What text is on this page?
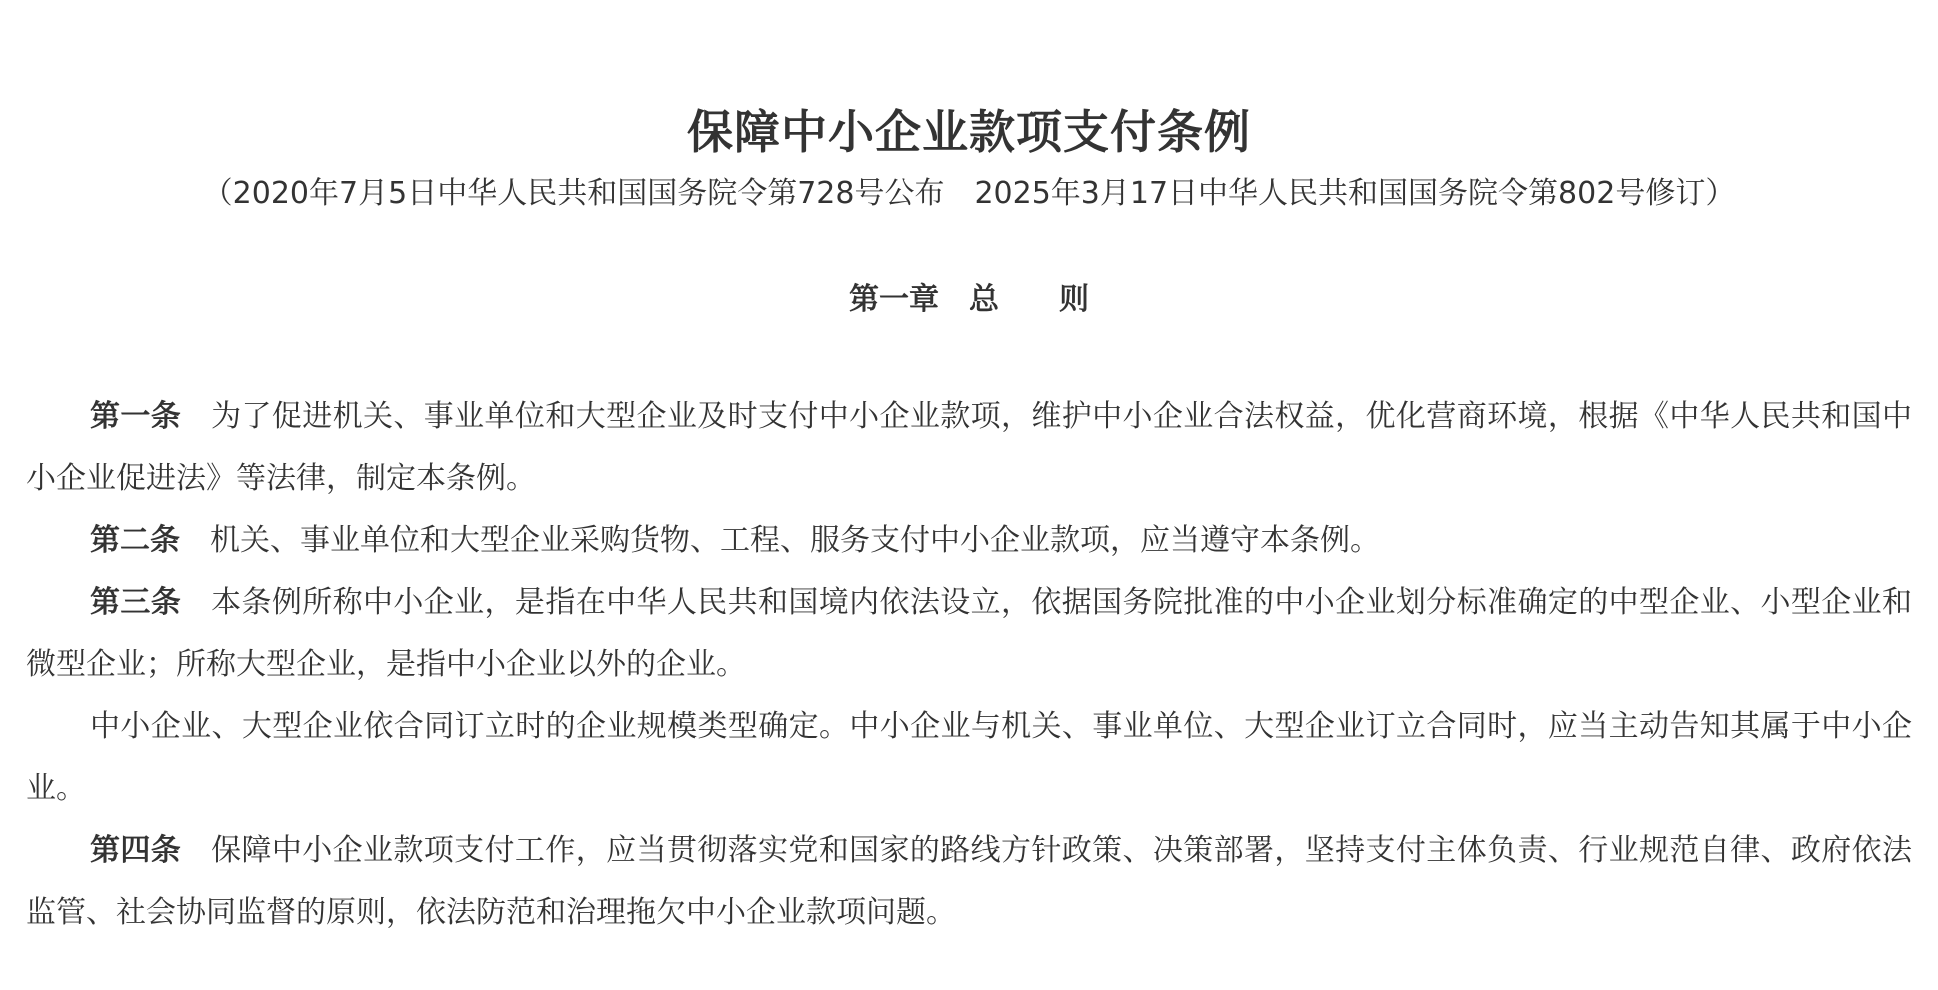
保障中小企业款项支付条例
（2020年7月5日中华人民共和国国务院令第728号公布　2025年3月17日中华人民共和国国务院令第802号修订）
第一章　总　　则

第一条 为了促进机关、事业单位和大型企业及时支付中小企业款项，维护中小企业合法权益，优化营商环境，根据《中华人民共和国中小企业促进法》等法律，制定本条例。

第二条 机关、事业单位和大型企业采购货物、工程、服务支付中小企业款项，应当遵守本条例。

第三条 本条例所称中小企业，是指在中华人民共和国境内依法设立，依据国务院批准的中小企业划分标准确定的中型企业、小型企业和微型企业；所称大型企业，是指中小企业以外的企业。

中小企业、大型企业依合同订立时的企业规模类型确定。中小企业与机关、事业单位、大型企业订立合同时，应当主动告知其属于中小企业。

第四条 保障中小企业款项支付工作，应当贯彻落实党和国家的路线方针政策、决策部署，坚持支付主体负责、行业规范自律、政府依法监管、社会协同监督的原则，依法防范和治理拖欠中小企业款项问题。
